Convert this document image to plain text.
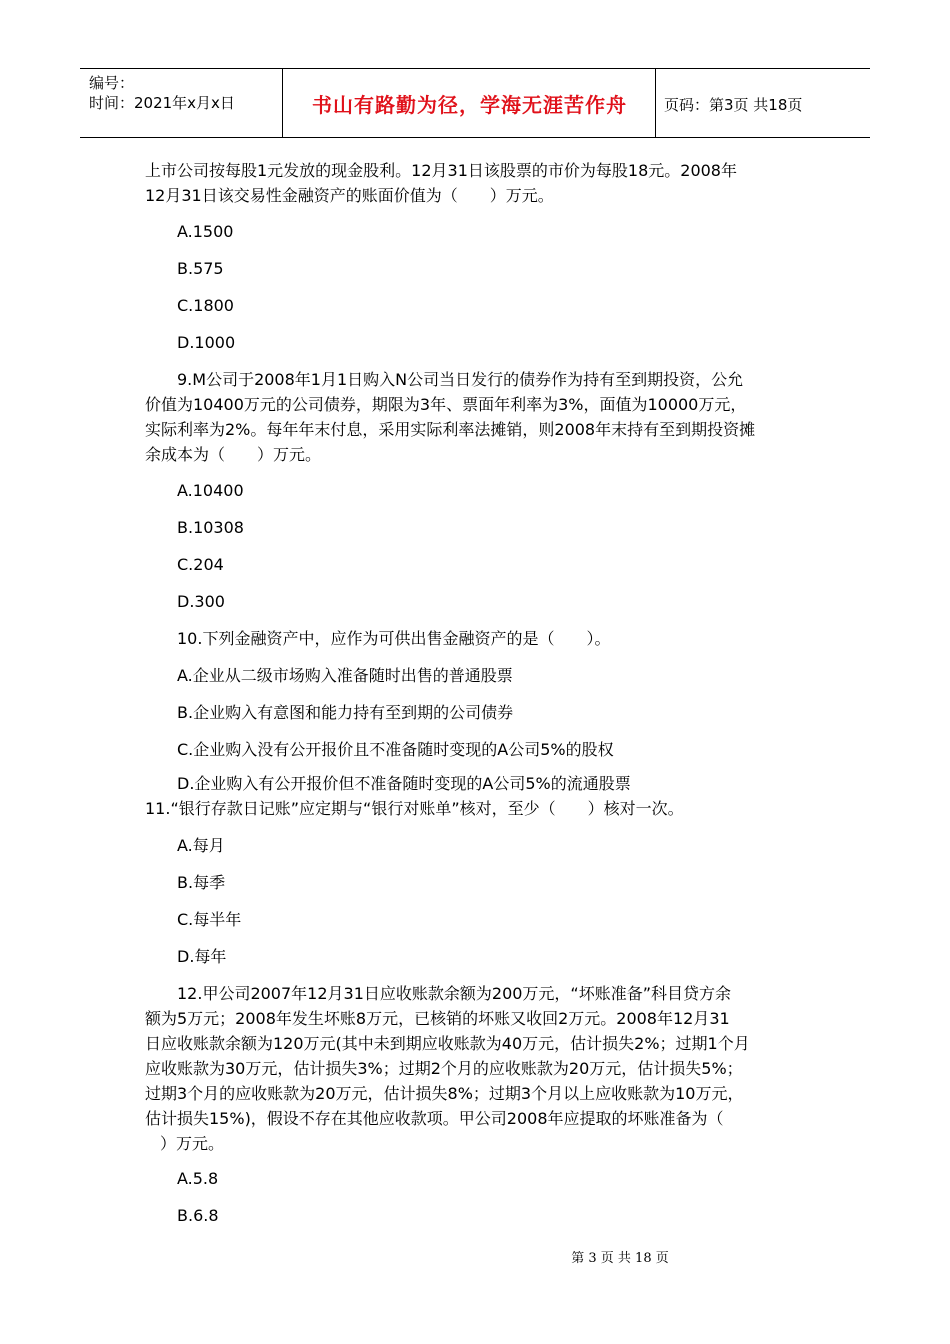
编号：
时间：2021年x月x日	书山有路勤为径，学海无涯苦作舟	页码：第3页 共18页
上市公司按每股1元发放的现金股利。12月31日该股票的市价为每股18元。2008年
12月31日该交易性金融资产的账面价值为（　　）万元。
A.1500
B.575
C.1800
D.1000
9.M公司于2008年1月1日购入N公司当日发行的债券作为持有至到期投资，公允
价值为10400万元的公司债券，期限为3年、票面年利率为3%，面值为10000万元，
实际利率为2%。每年年末付息，采用实际利率法摊销，则2008年末持有至到期投资摊
余成本为（　　）万元。
A.10400
B.10308
C.204
D.300
10.下列金融资产中，应作为可供出售金融资产的是（　　）。
A.企业从二级市场购入准备随时出售的普通股票
B.企业购入有意图和能力持有至到期的公司债券
C.企业购入没有公开报价且不准备随时变现的A公司5%的股权
D.企业购入有公开报价但不准备随时变现的A公司5%的流通股票
11.“银行存款日记账”应定期与“银行对账单”核对，至少（　　）核对一次。
A.每月
B.每季
C.每半年
D.每年
12.甲公司2007年12月31日应收账款余额为200万元，“坏账准备”科目贷方余
额为5万元；2008年发生坏账8万元，已核销的坏账又收回2万元。2008年12月31
日应收账款余额为120万元(其中未到期应收账款为40万元，估计损失2%；过期1个月
应收账款为30万元，估计损失3%；过期2个月的应收账款为20万元，估计损失5%；
过期3个月的应收账款为20万元，估计损失8%；过期3个月以上应收账款为10万元，
估计损失15%)，假设不存在其他应收款项。甲公司2008年应提取的坏账准备为（
）万元。
A.5.8
B.6.8
第 3 页 共 18 页
